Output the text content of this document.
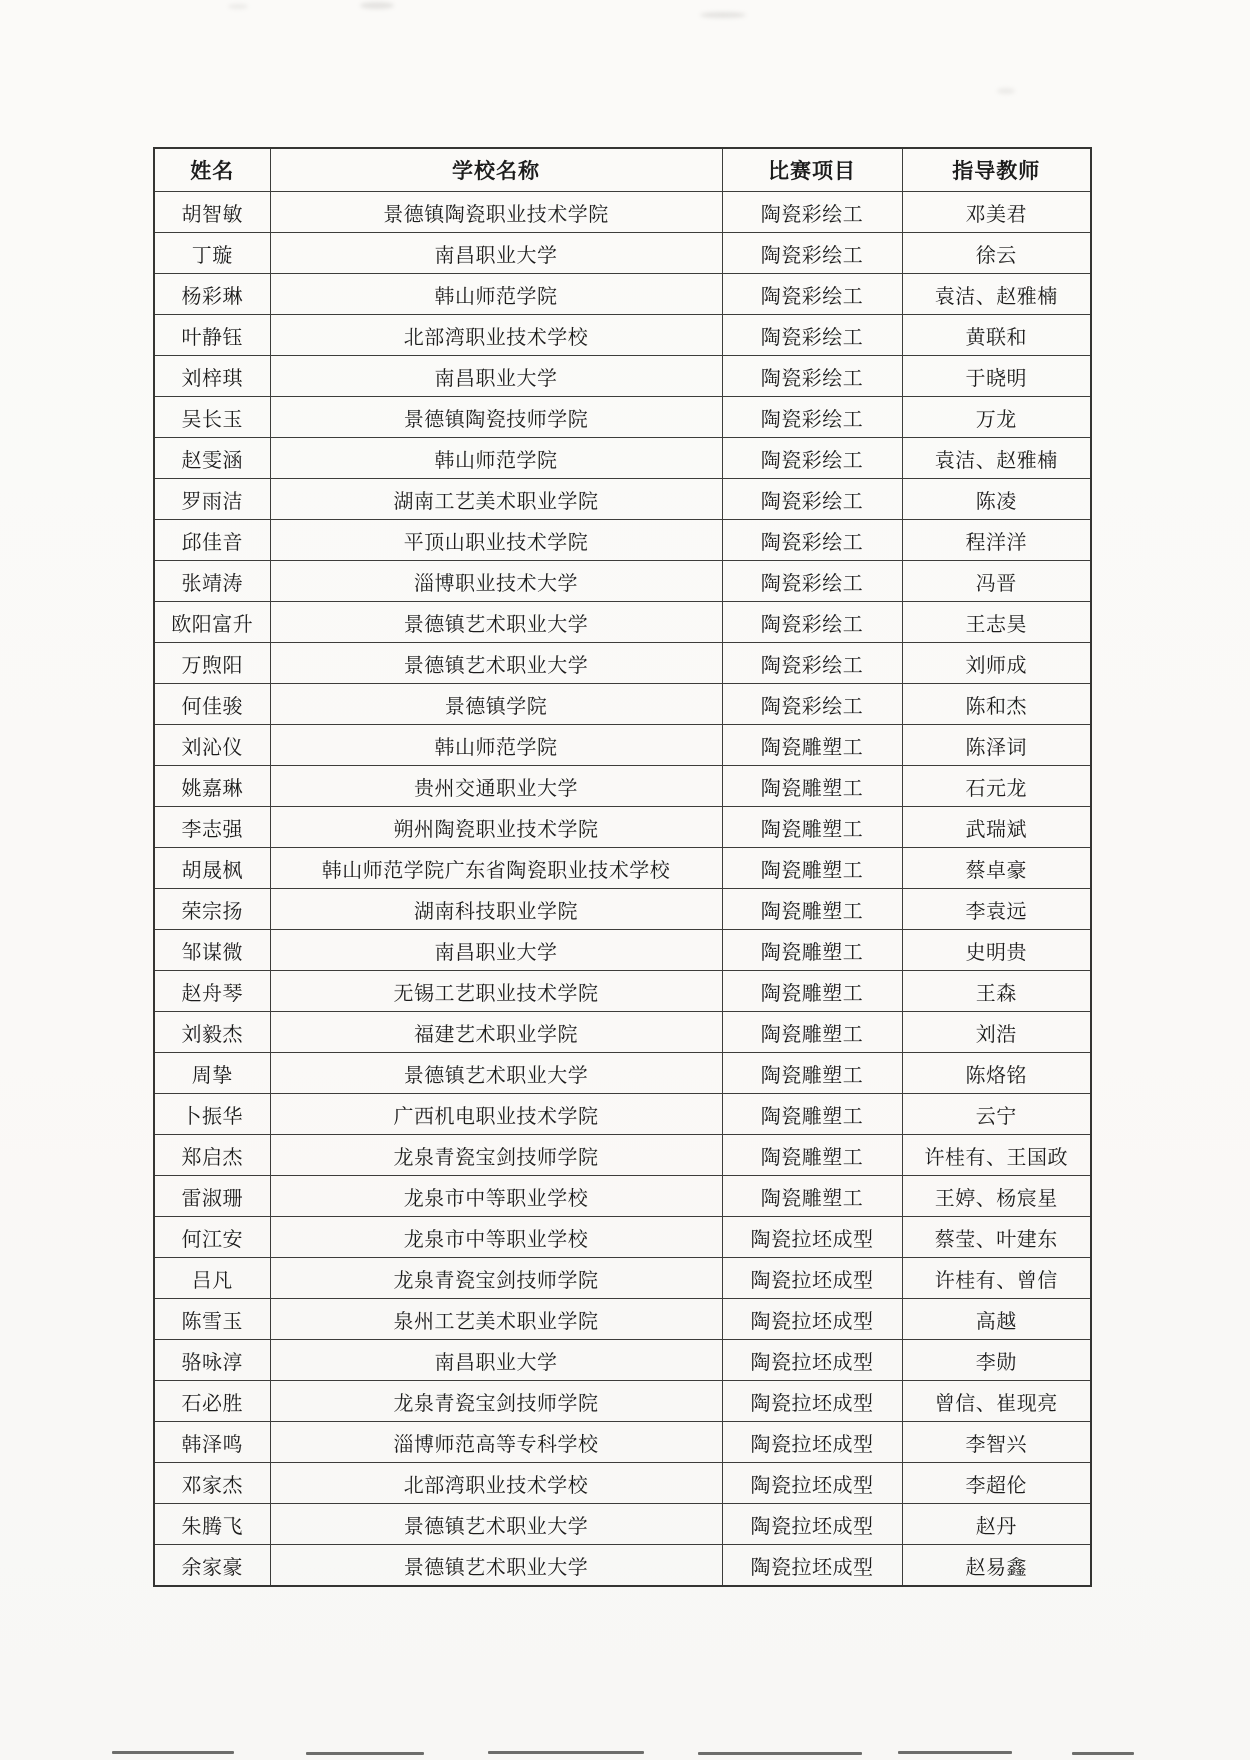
姓名	学校名称	比赛项目	指导教师
胡智敏	景德镇陶瓷职业技术学院	陶瓷彩绘工	邓美君
丁璇	南昌职业大学	陶瓷彩绘工	徐云
杨彩琳	韩山师范学院	陶瓷彩绘工	袁洁、赵雅楠
叶静钰	北部湾职业技术学校	陶瓷彩绘工	黄联和
刘梓琪	南昌职业大学	陶瓷彩绘工	于晓明
吴长玉	景德镇陶瓷技师学院	陶瓷彩绘工	万龙
赵雯涵	韩山师范学院	陶瓷彩绘工	袁洁、赵雅楠
罗雨洁	湖南工艺美术职业学院	陶瓷彩绘工	陈凌
邱佳音	平顶山职业技术学院	陶瓷彩绘工	程洋洋
张靖涛	淄博职业技术大学	陶瓷彩绘工	冯晋
欧阳富升	景德镇艺术职业大学	陶瓷彩绘工	王志昊
万煦阳	景德镇艺术职业大学	陶瓷彩绘工	刘师成
何佳骏	景德镇学院	陶瓷彩绘工	陈和杰
刘沁仪	韩山师范学院	陶瓷雕塑工	陈泽词
姚嘉琳	贵州交通职业大学	陶瓷雕塑工	石元龙
李志强	朔州陶瓷职业技术学院	陶瓷雕塑工	武瑞斌
胡晟枫	韩山师范学院广东省陶瓷职业技术学校	陶瓷雕塑工	蔡卓豪
荣宗扬	湖南科技职业学院	陶瓷雕塑工	李袁远
邹谋微	南昌职业大学	陶瓷雕塑工	史明贵
赵舟琴	无锡工艺职业技术学院	陶瓷雕塑工	王森
刘毅杰	福建艺术职业学院	陶瓷雕塑工	刘浩
周挚	景德镇艺术职业大学	陶瓷雕塑工	陈烙铭
卜振华	广西机电职业技术学院	陶瓷雕塑工	云宁
郑启杰	龙泉青瓷宝剑技师学院	陶瓷雕塑工	许桂有、王国政
雷淑珊	龙泉市中等职业学校	陶瓷雕塑工	王婷、杨宸星
何江安	龙泉市中等职业学校	陶瓷拉坯成型	蔡莹、叶建东
吕凡	龙泉青瓷宝剑技师学院	陶瓷拉坯成型	许桂有、曾信
陈雪玉	泉州工艺美术职业学院	陶瓷拉坯成型	高越
骆咏淳	南昌职业大学	陶瓷拉坯成型	李勋
石必胜	龙泉青瓷宝剑技师学院	陶瓷拉坯成型	曾信、崔现亮
韩泽鸣	淄博师范高等专科学校	陶瓷拉坯成型	李智兴
邓家杰	北部湾职业技术学校	陶瓷拉坯成型	李超伦
朱腾飞	景德镇艺术职业大学	陶瓷拉坯成型	赵丹
余家豪	景德镇艺术职业大学	陶瓷拉坯成型	赵易鑫
